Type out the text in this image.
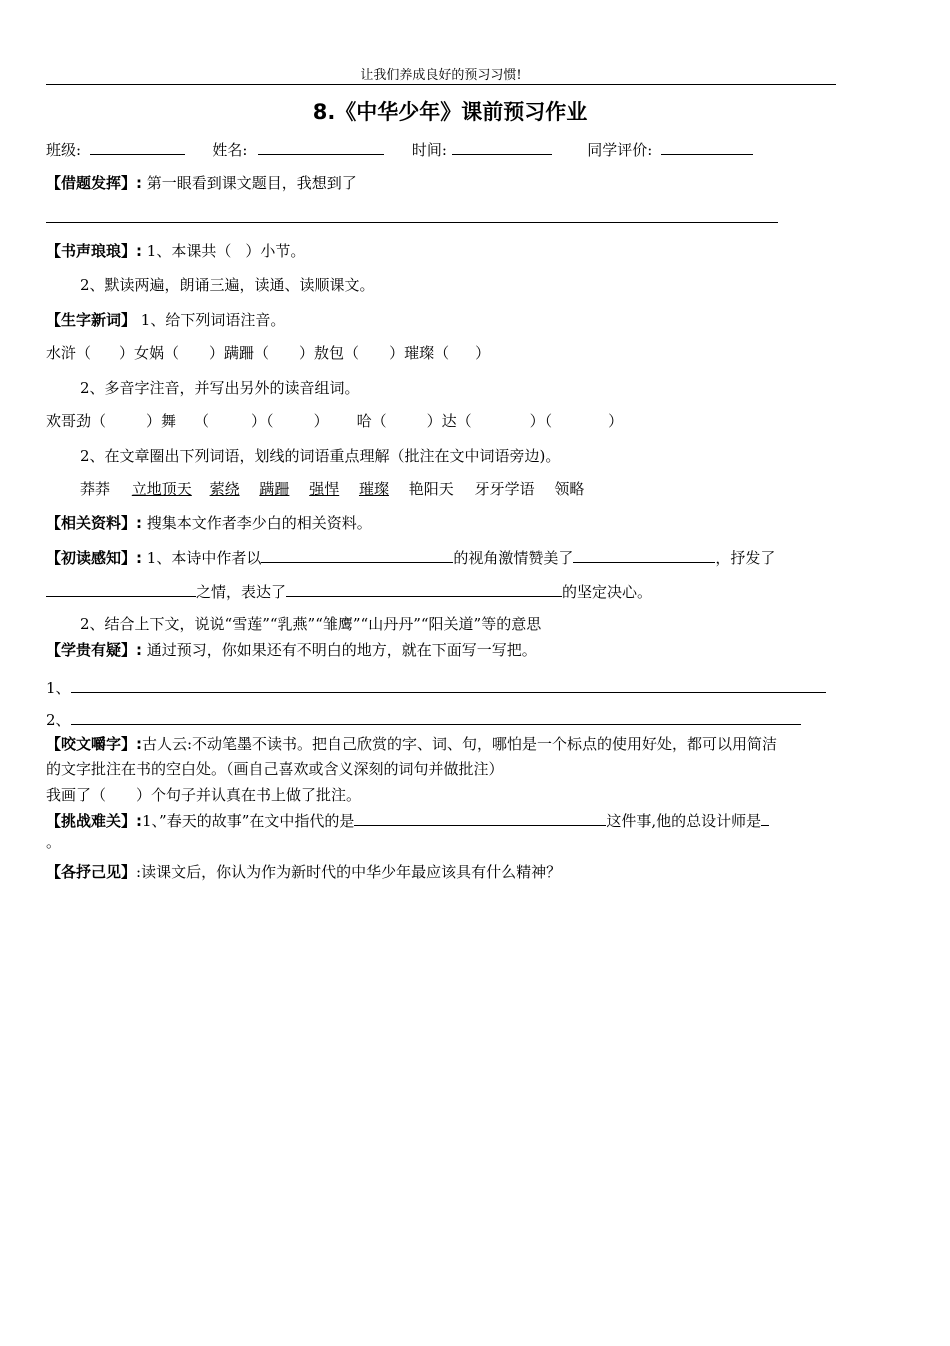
让我们养成良好的预习习惯!
8.《中华少年》课前预习作业
班级:	姓名:	时间:	同学评价:
【借题发挥】: 第一眼看到课文题目，我想到了
【书声琅琅】: 1、本课共（ ）小节。
2、默读两遍，朗诵三遍，读通、读顺课文。
【生字新词】 1、给下列词语注音。
水浒（ ）女娲（ ）蹒跚（ ）敖包（ ）璀璨（ ）
2、多音字注音，并写出另外的读音组词。
欢哥劲（	）舞 （	）（	） 哈（	）达（	）（	）
2、在文章圈出下列词语，划线的词语重点理解（批注在文中词语旁边)。
莽莽 立地顶天 萦绕 蹒跚 强悍 璀璨 艳阳天 牙牙学语 领略
【相关资料】: 搜集本文作者李少白的相关资料。
【初读感知】: 1、本诗中作者以	的视角激情赞美了	，抒发了
之情，表达了	的坚定决心。
2、结合上下文，说说“雪莲”“乳燕”“雏鹰”“山丹丹”“阳关道”等的意思
【学贵有疑】: 通过预习，你如果还有不明白的地方，就在下面写一写把。
1、
2、
【咬文嚼字】:古人云:不动笔墨不读书。把自己欣赏的字、词、句，哪怕是一个标点的使用好处，都可以用简洁
的文字批注在书的空白处。（画自己喜欢或含义深刻的词句并做批注）
我画了（ ）个句子并认真在书上做了批注。
【挑战难关】:1、”春天的故事”在文中指代的是	这件事,他的总设计师是
。
【各抒己见】:读课文后，你认为作为新时代的中华少年最应该具有什么精神？
